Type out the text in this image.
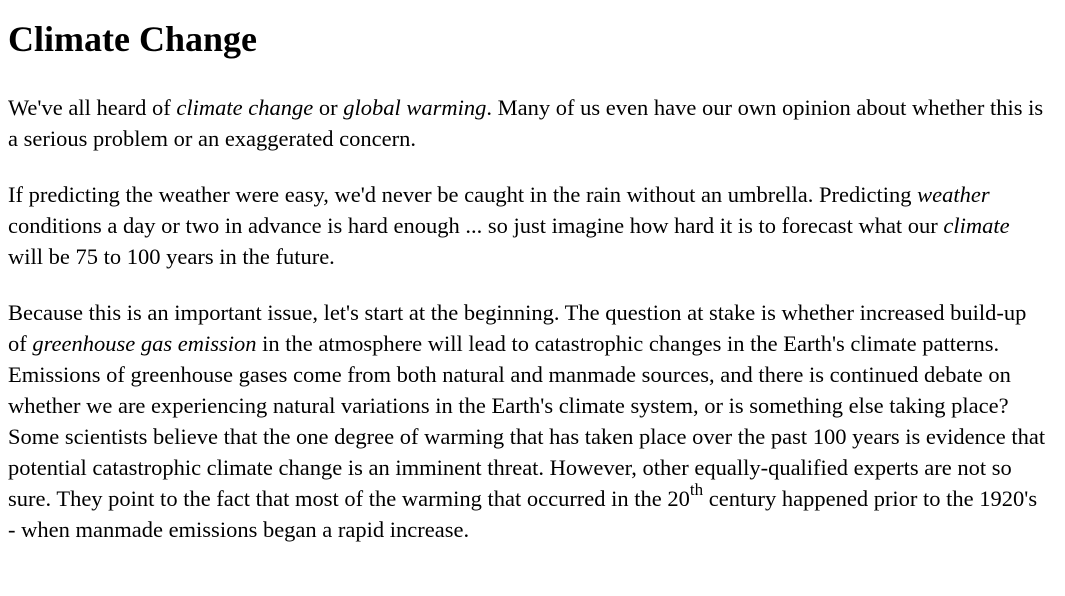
Climate Change

We've all heard of climate change or global warming. Many of us even have our own opinion about whether this is a serious problem or an exaggerated concern.

If predicting the weather were easy, we'd never be caught in the rain without an umbrella. Predicting weather conditions a day or two in advance is hard enough ... so just imagine how hard it is to forecast what our climate will be 75 to 100 years in the future.

Because this is an important issue, let's start at the beginning. The question at stake is whether increased build-up of greenhouse gas emission in the atmosphere will lead to catastrophic changes in the Earth's climate patterns. Emissions of greenhouse gases come from both natural and manmade sources, and there is continued debate on whether we are experiencing natural variations in the Earth's climate system, or is something else taking place? Some scientists believe that the one degree of warming that has taken place over the past 100 years is evidence that potential catastrophic climate change is an imminent threat. However, other equally-qualified experts are not so sure. They point to the fact that most of the warming that occurred in the 20th century happened prior to the 1920's - when manmade emissions began a rapid increase.
